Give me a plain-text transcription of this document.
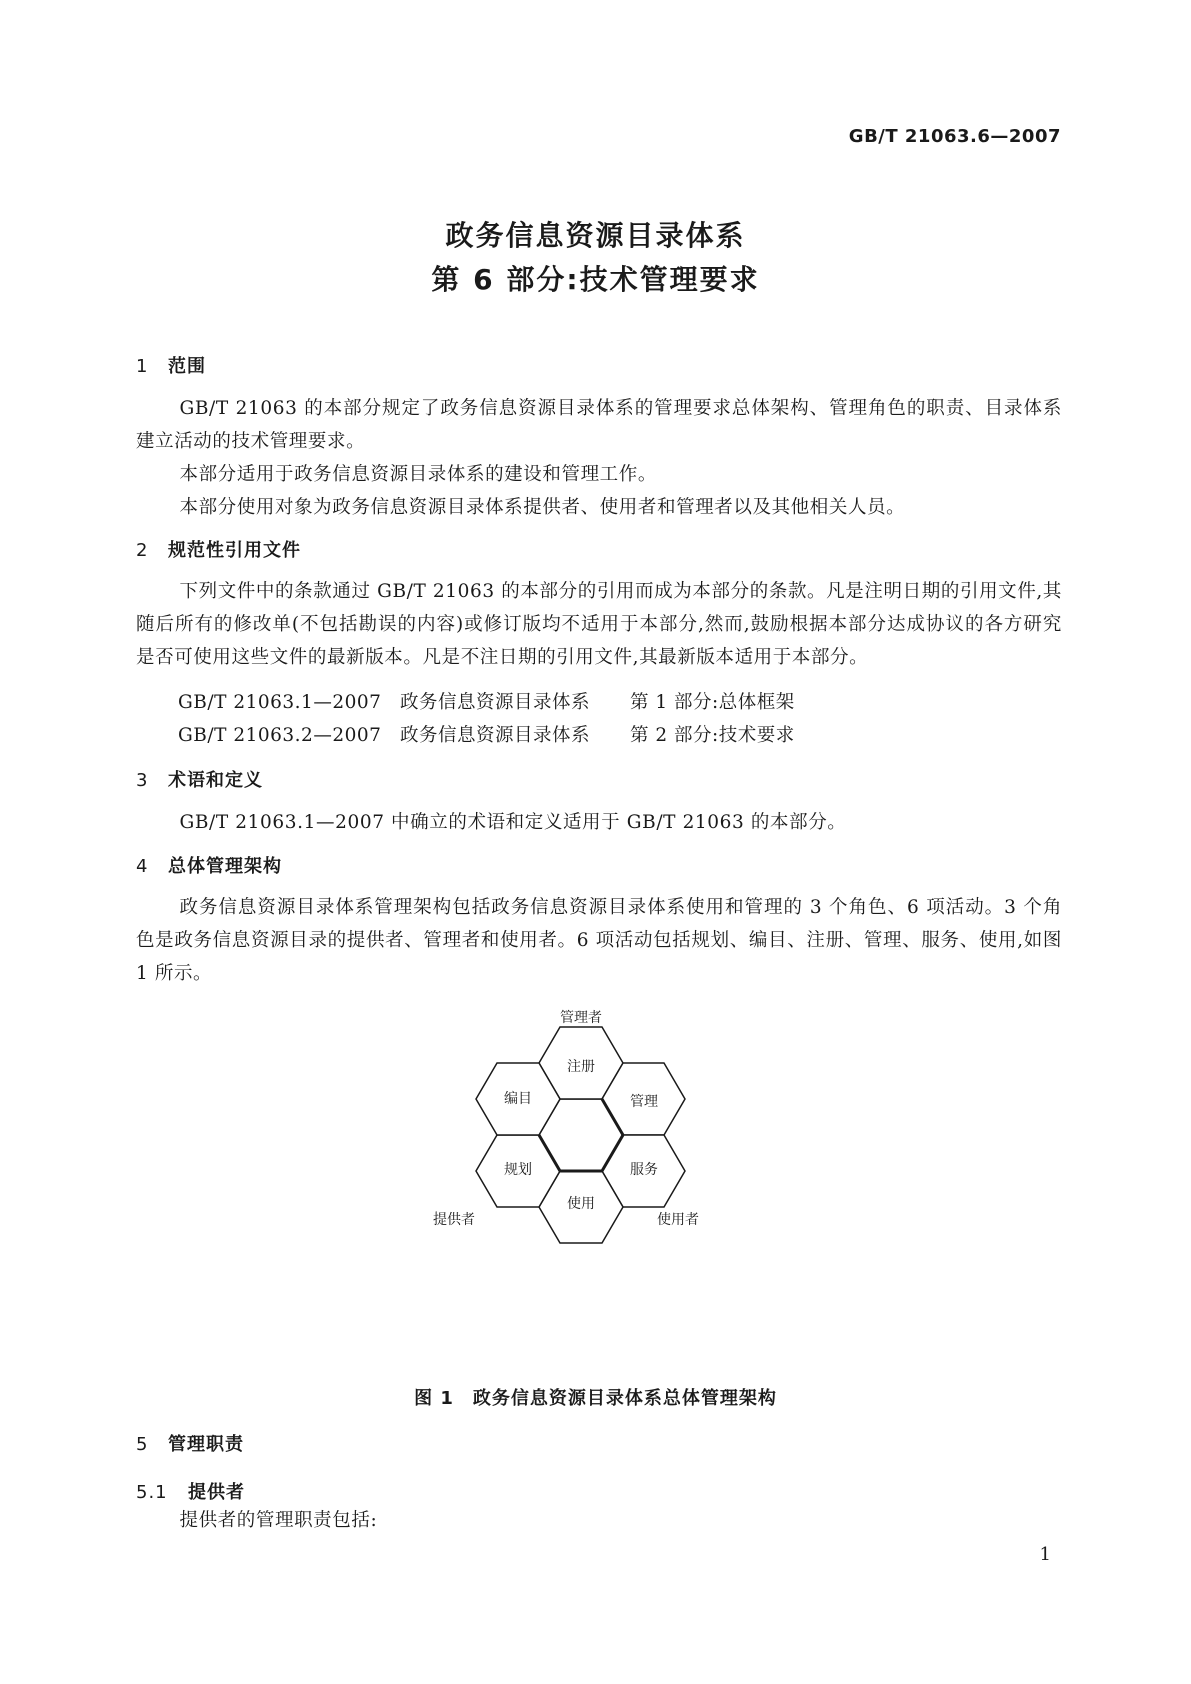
GB/T 21063.6—2007
政务信息资源目录体系
第 6 部分:技术管理要求
1 范围
GB/T 21063 的本部分规定了政务信息资源目录体系的管理要求总体架构、管理角色的职责、目录体系建立活动的技术管理要求。
本部分适用于政务信息资源目录体系的建设和管理工作。
本部分使用对象为政务信息资源目录体系提供者、使用者和管理者以及其他相关人员。
2 规范性引用文件
下列文件中的条款通过 GB/T 21063 的本部分的引用而成为本部分的条款。凡是注明日期的引用文件,其随后所有的修改单(不包括勘误的内容)或修订版均不适用于本部分,然而,鼓励根据本部分达成协议的各方研究是否可使用这些文件的最新版本。凡是不注日期的引用文件,其最新版本适用于本部分。
GB/T 21063.1—2007 政务信息资源目录体系 第 1 部分:总体框架
GB/T 21063.2—2007 政务信息资源目录体系 第 2 部分:技术要求
3 术语和定义
GB/T 21063.1—2007 中确立的术语和定义适用于 GB/T 21063 的本部分。
4 总体管理架构
政务信息资源目录体系管理架构包括政务信息资源目录体系使用和管理的 3 个角色、6 项活动。3 个角色是政务信息资源目录的提供者、管理者和使用者。6 项活动包括规划、编目、注册、管理、服务、使用,如图 1 所示。
管理者
提供者	使用者
注册
编目	管理
规划	服务
使用
图 1　政务信息资源目录体系总体管理架构
5 管理职责
5.1 提供者
提供者的管理职责包括:
1
